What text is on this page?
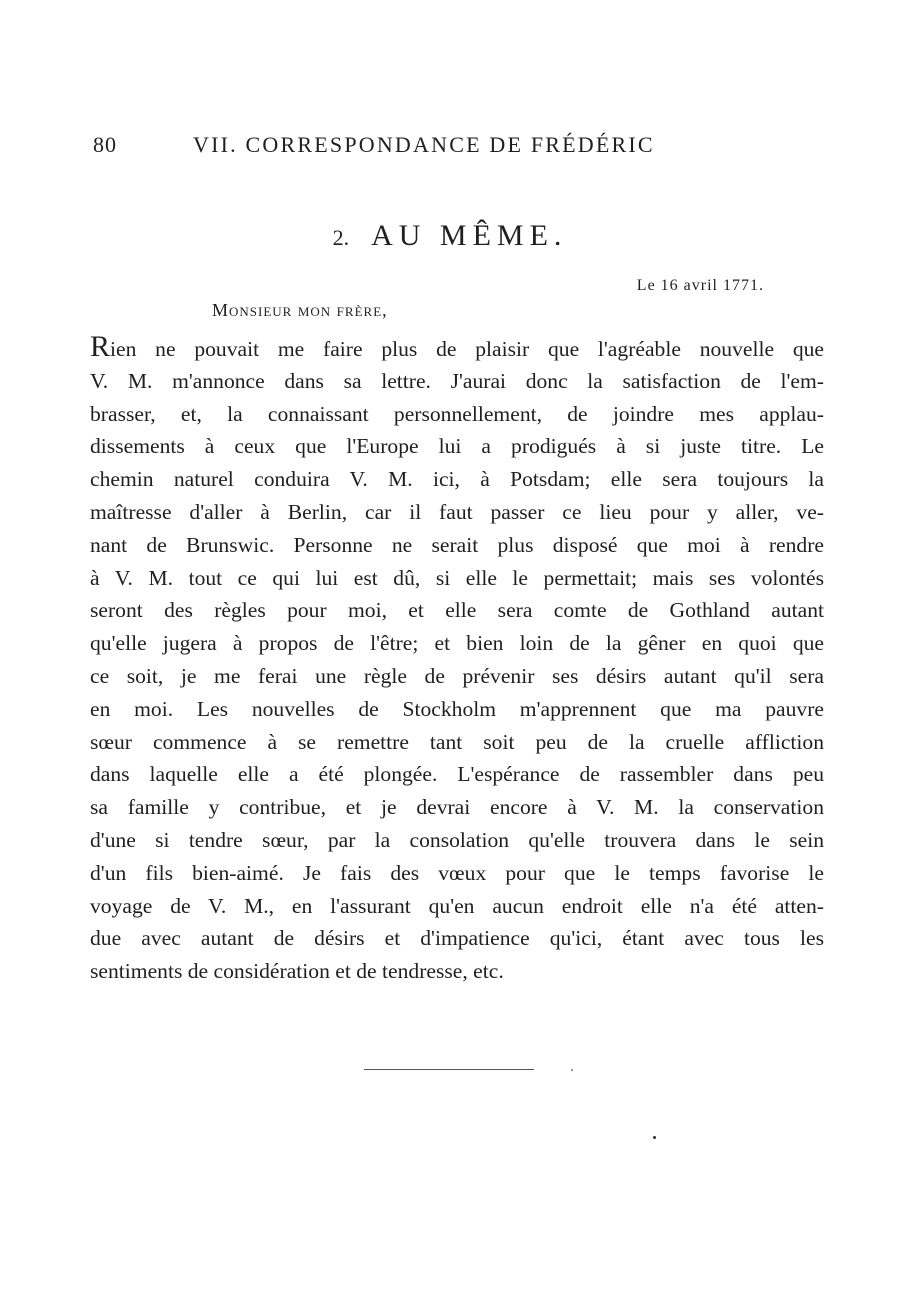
80	VII. CORRESPONDANCE DE FRÉDÉRIC
2. AU MÊME.
Le 16 avril 1771.
Monsieur mon frère,
Rien ne pouvait me faire plus de plaisir que l'agréable nouvelle que
V. M. m'annonce dans sa lettre. J'aurai donc la satisfaction de l'em-
brasser, et, la connaissant personnellement, de joindre mes applau-
dissements à ceux que l'Europe lui a prodigués à si juste titre. Le
chemin naturel conduira V. M. ici, à Potsdam; elle sera toujours la
maîtresse d'aller à Berlin, car il faut passer ce lieu pour y aller, ve-
nant de Brunswic. Personne ne serait plus disposé que moi à rendre
à V. M. tout ce qui lui est dû, si elle le permettait; mais ses volontés
seront des règles pour moi, et elle sera comte de Gothland autant
qu'elle jugera à propos de l'être; et bien loin de la gêner en quoi que
ce soit, je me ferai une règle de prévenir ses désirs autant qu'il sera
en moi. Les nouvelles de Stockholm m'apprennent que ma pauvre
sœur commence à se remettre tant soit peu de la cruelle affliction
dans laquelle elle a été plongée. L'espérance de rassembler dans peu
sa famille y contribue, et je devrai encore à V. M. la conservation
d'une si tendre sœur, par la consolation qu'elle trouvera dans le sein
d'un fils bien-aimé. Je fais des vœux pour que le temps favorise le
voyage de V. M., en l'assurant qu'en aucun endroit elle n'a été atten-
due avec autant de désirs et d'impatience qu'ici, étant avec tous les
sentiments de considération et de tendresse, etc.
